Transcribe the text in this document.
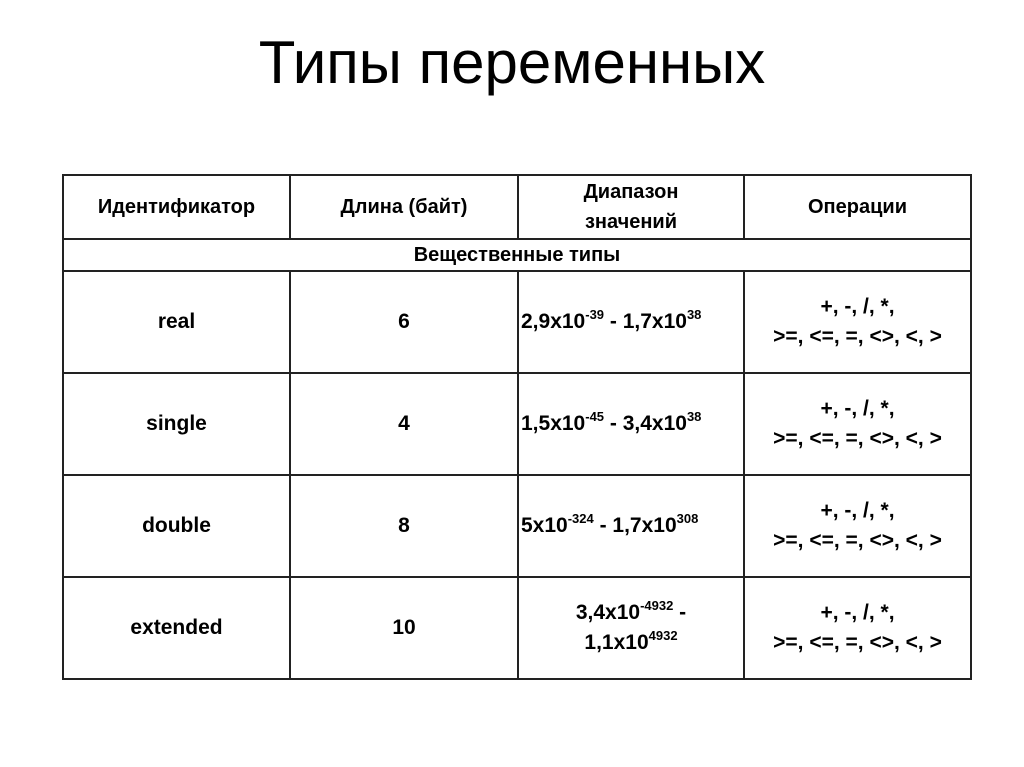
Типы переменных
Идентификатор	Длина (байт)	Диапазон значений	Операции
Вещественные типы			
real	6	$2,9x10^{-39} - 1,7x10^{38}$	+, -, /, *,
>=, <=, =, <>, <, >

single	4	$1,5x10^{-45} - 3,4x10^{38}$	+, -, /, *,
>=, <=, =, <>, <, >

double	8	$5x10^{-324} - 1,7x10^{308}$	+, -, /, *,
>=, <=, =, <>, <, >

extended	10	$3,4x10^{-4932}$ -
$1,1x10^{4932}$	+, -, /, *,
>=, <=, =, <>, <, >
